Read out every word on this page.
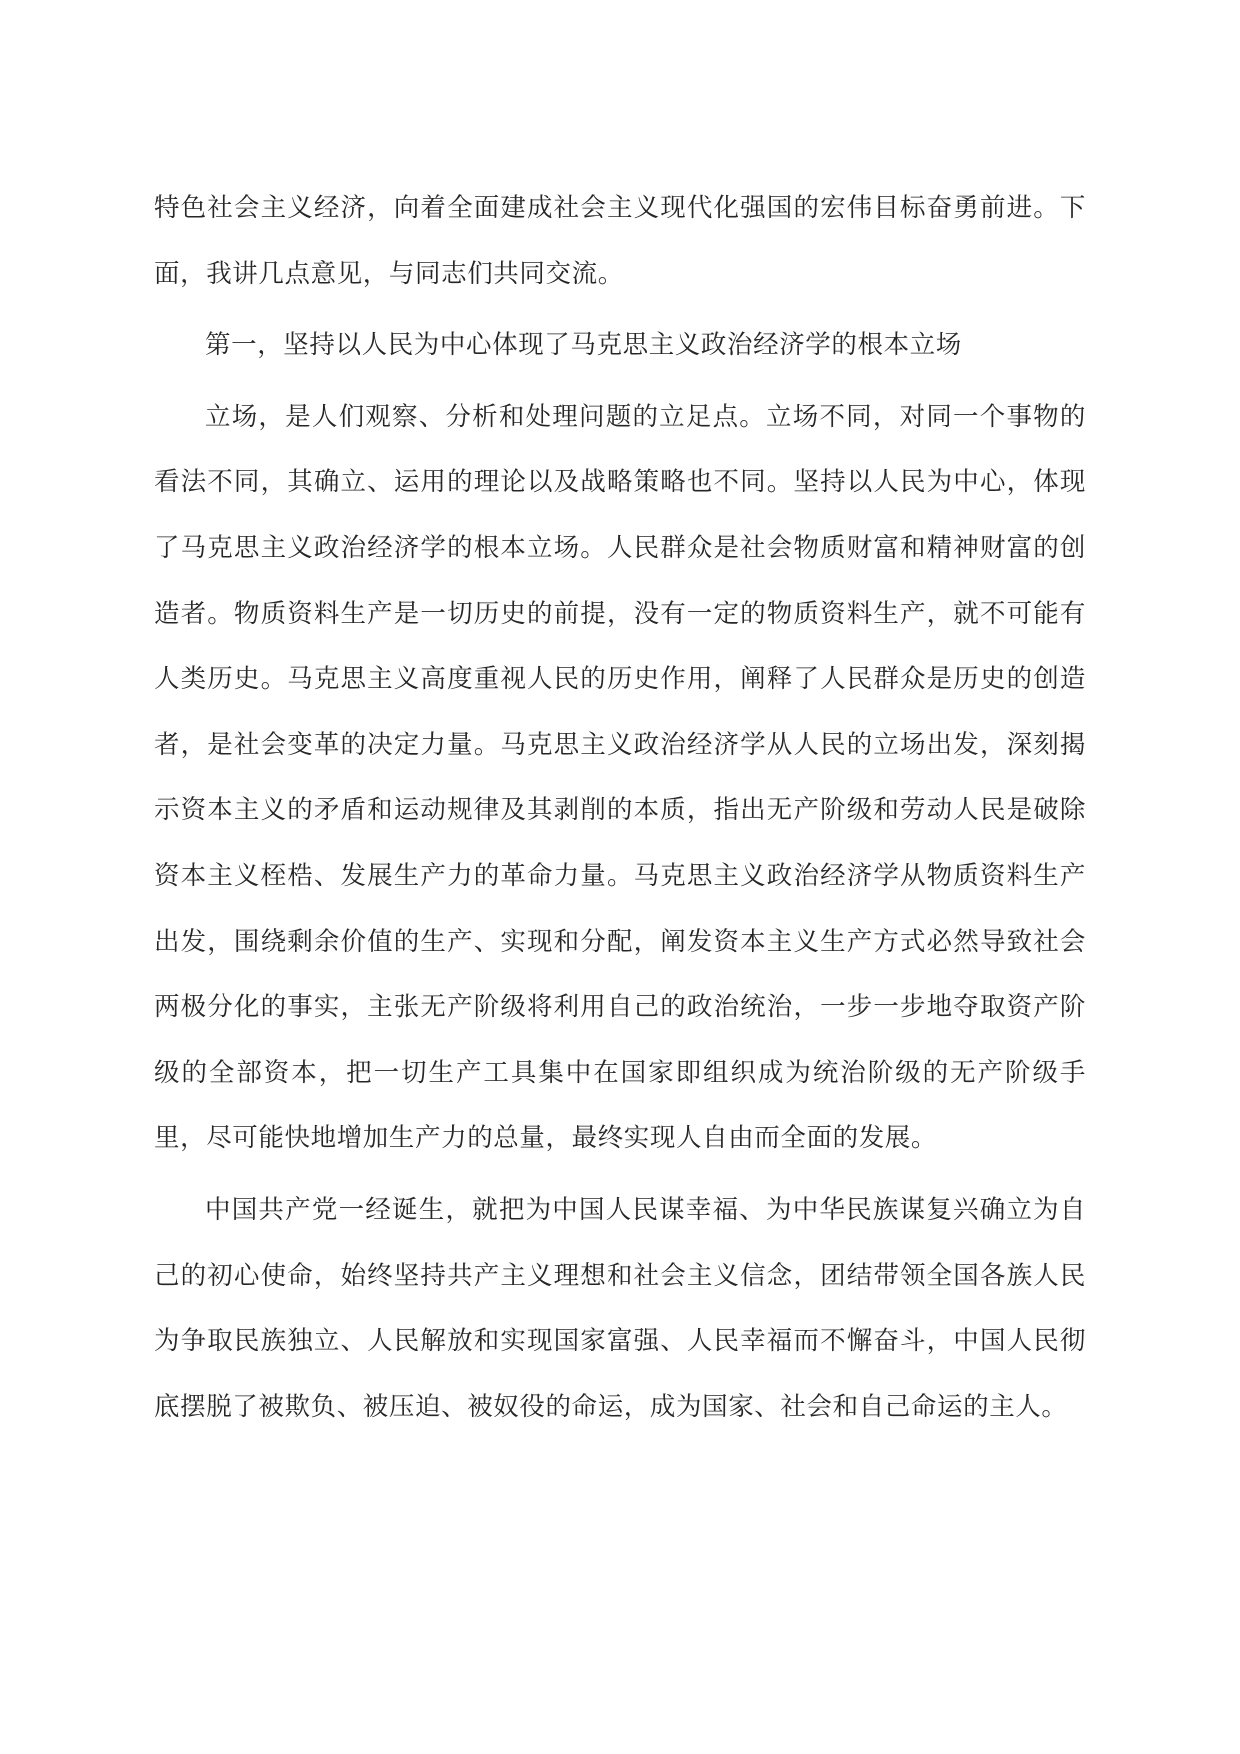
特色社会主义经济，向着全面建成社会主义现代化强国的宏伟目标奋勇前进。下面，我讲几点意见，与同志们共同交流。

第一，坚持以人民为中心体现了马克思主义政治经济学的根本立场

立场，是人们观察、分析和处理问题的立足点。立场不同，对同一个事物的看法不同，其确立、运用的理论以及战略策略也不同。坚持以人民为中心，体现了马克思主义政治经济学的根本立场。人民群众是社会物质财富和精神财富的创造者。物质资料生产是一切历史的前提，没有一定的物质资料生产，就不可能有人类历史。马克思主义高度重视人民的历史作用，阐释了人民群众是历史的创造者，是社会变革的决定力量。马克思主义政治经济学从人民的立场出发，深刻揭示资本主义的矛盾和运动规律及其剥削的本质，指出无产阶级和劳动人民是破除资本主义桎梏、发展生产力的革命力量。马克思主义政治经济学从物质资料生产出发，围绕剩余价值的生产、实现和分配，阐发资本主义生产方式必然导致社会两极分化的事实，主张无产阶级将利用自己的政治统治，一步一步地夺取资产阶级的全部资本，把一切生产工具集中在国家即组织成为统治阶级的无产阶级手里，尽可能快地增加生产力的总量，最终实现人自由而全面的发展。

中国共产党一经诞生，就把为中国人民谋幸福、为中华民族谋复兴确立为自己的初心使命，始终坚持共产主义理想和社会主义信念，团结带领全国各族人民为争取民族独立、人民解放和实现国家富强、人民幸福而不懈奋斗，中国人民彻底摆脱了被欺负、被压迫、被奴役的命运，成为国家、社会和自己命运的主人。
